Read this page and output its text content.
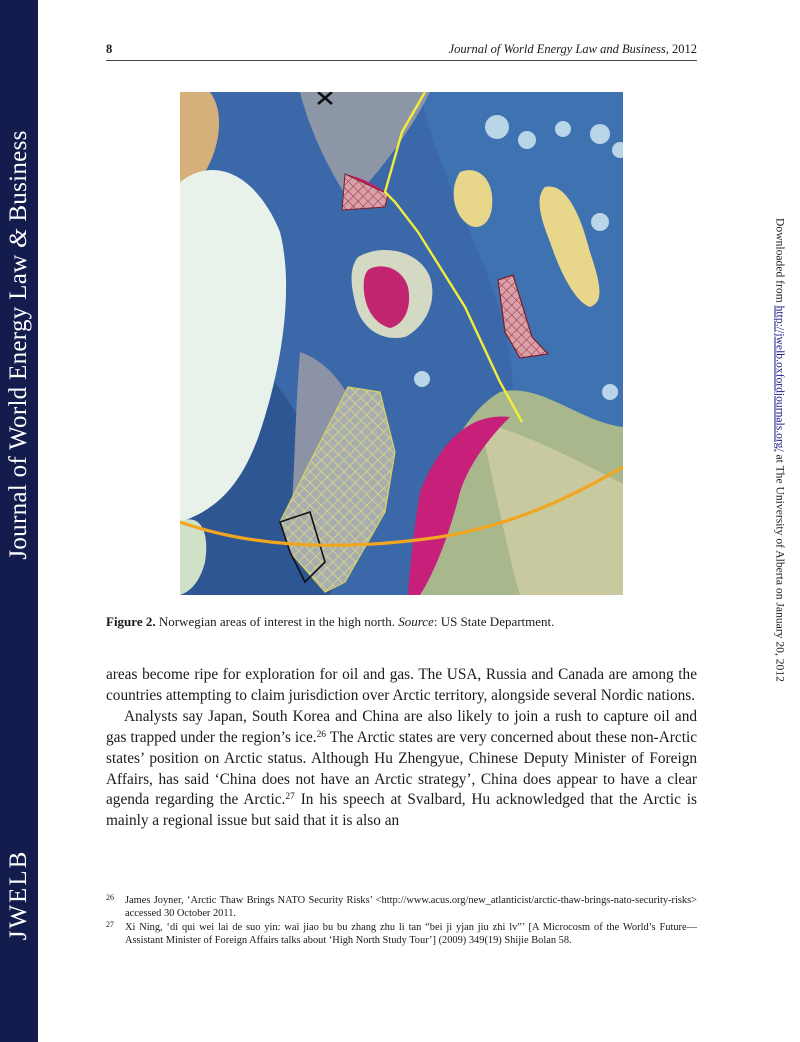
Journal of World Energy Law & Business
JWELB
8	Journal of World Energy Law and Business, 2012
Figure 2. Norwegian areas of interest in the high north. Source: US State Department.

areas become ripe for exploration for oil and gas. The USA, Russia and Canada are among the countries attempting to claim jurisdiction over Arctic territory, alongside several Nordic nations.

Analysts say Japan, South Korea and China are also likely to join a rush to capture oil and gas trapped under the region’s ice.$^{26}$ The Arctic states are very concerned about these non-Arctic states’ position on Arctic status. Although Hu Zhengyue, Chinese Deputy Minister of Foreign Affairs, has said ‘China does not have an Arctic strategy’, China does appear to have a clear agenda regarding the Arctic.$^{27}$ In his speech at Svalbard, Hu acknowledged that the Arctic is mainly a regional issue but said that it is also an

26 James Joyner, ‘Arctic Thaw Brings NATO Security Risks’ <http://www.acus.org/new_atlanticist/arctic-thaw-brings-nato-security-risks> accessed 30 October 2011.
27 Xi Ning, ‘di qui wei lai de suo yin: wai jiao bu bu zhang zhu li tan “bei ji yjan jiu zhi lv”’ [A Microcosm of the World’s Future—Assistant Minister of Foreign Affairs talks about ‘High North Study Tour’] (2009) 349(19) Shijie Bolan 58.
Downloaded from http://jwelb.oxfordjournals.org/ at The University of Alberta on January 20, 2012
